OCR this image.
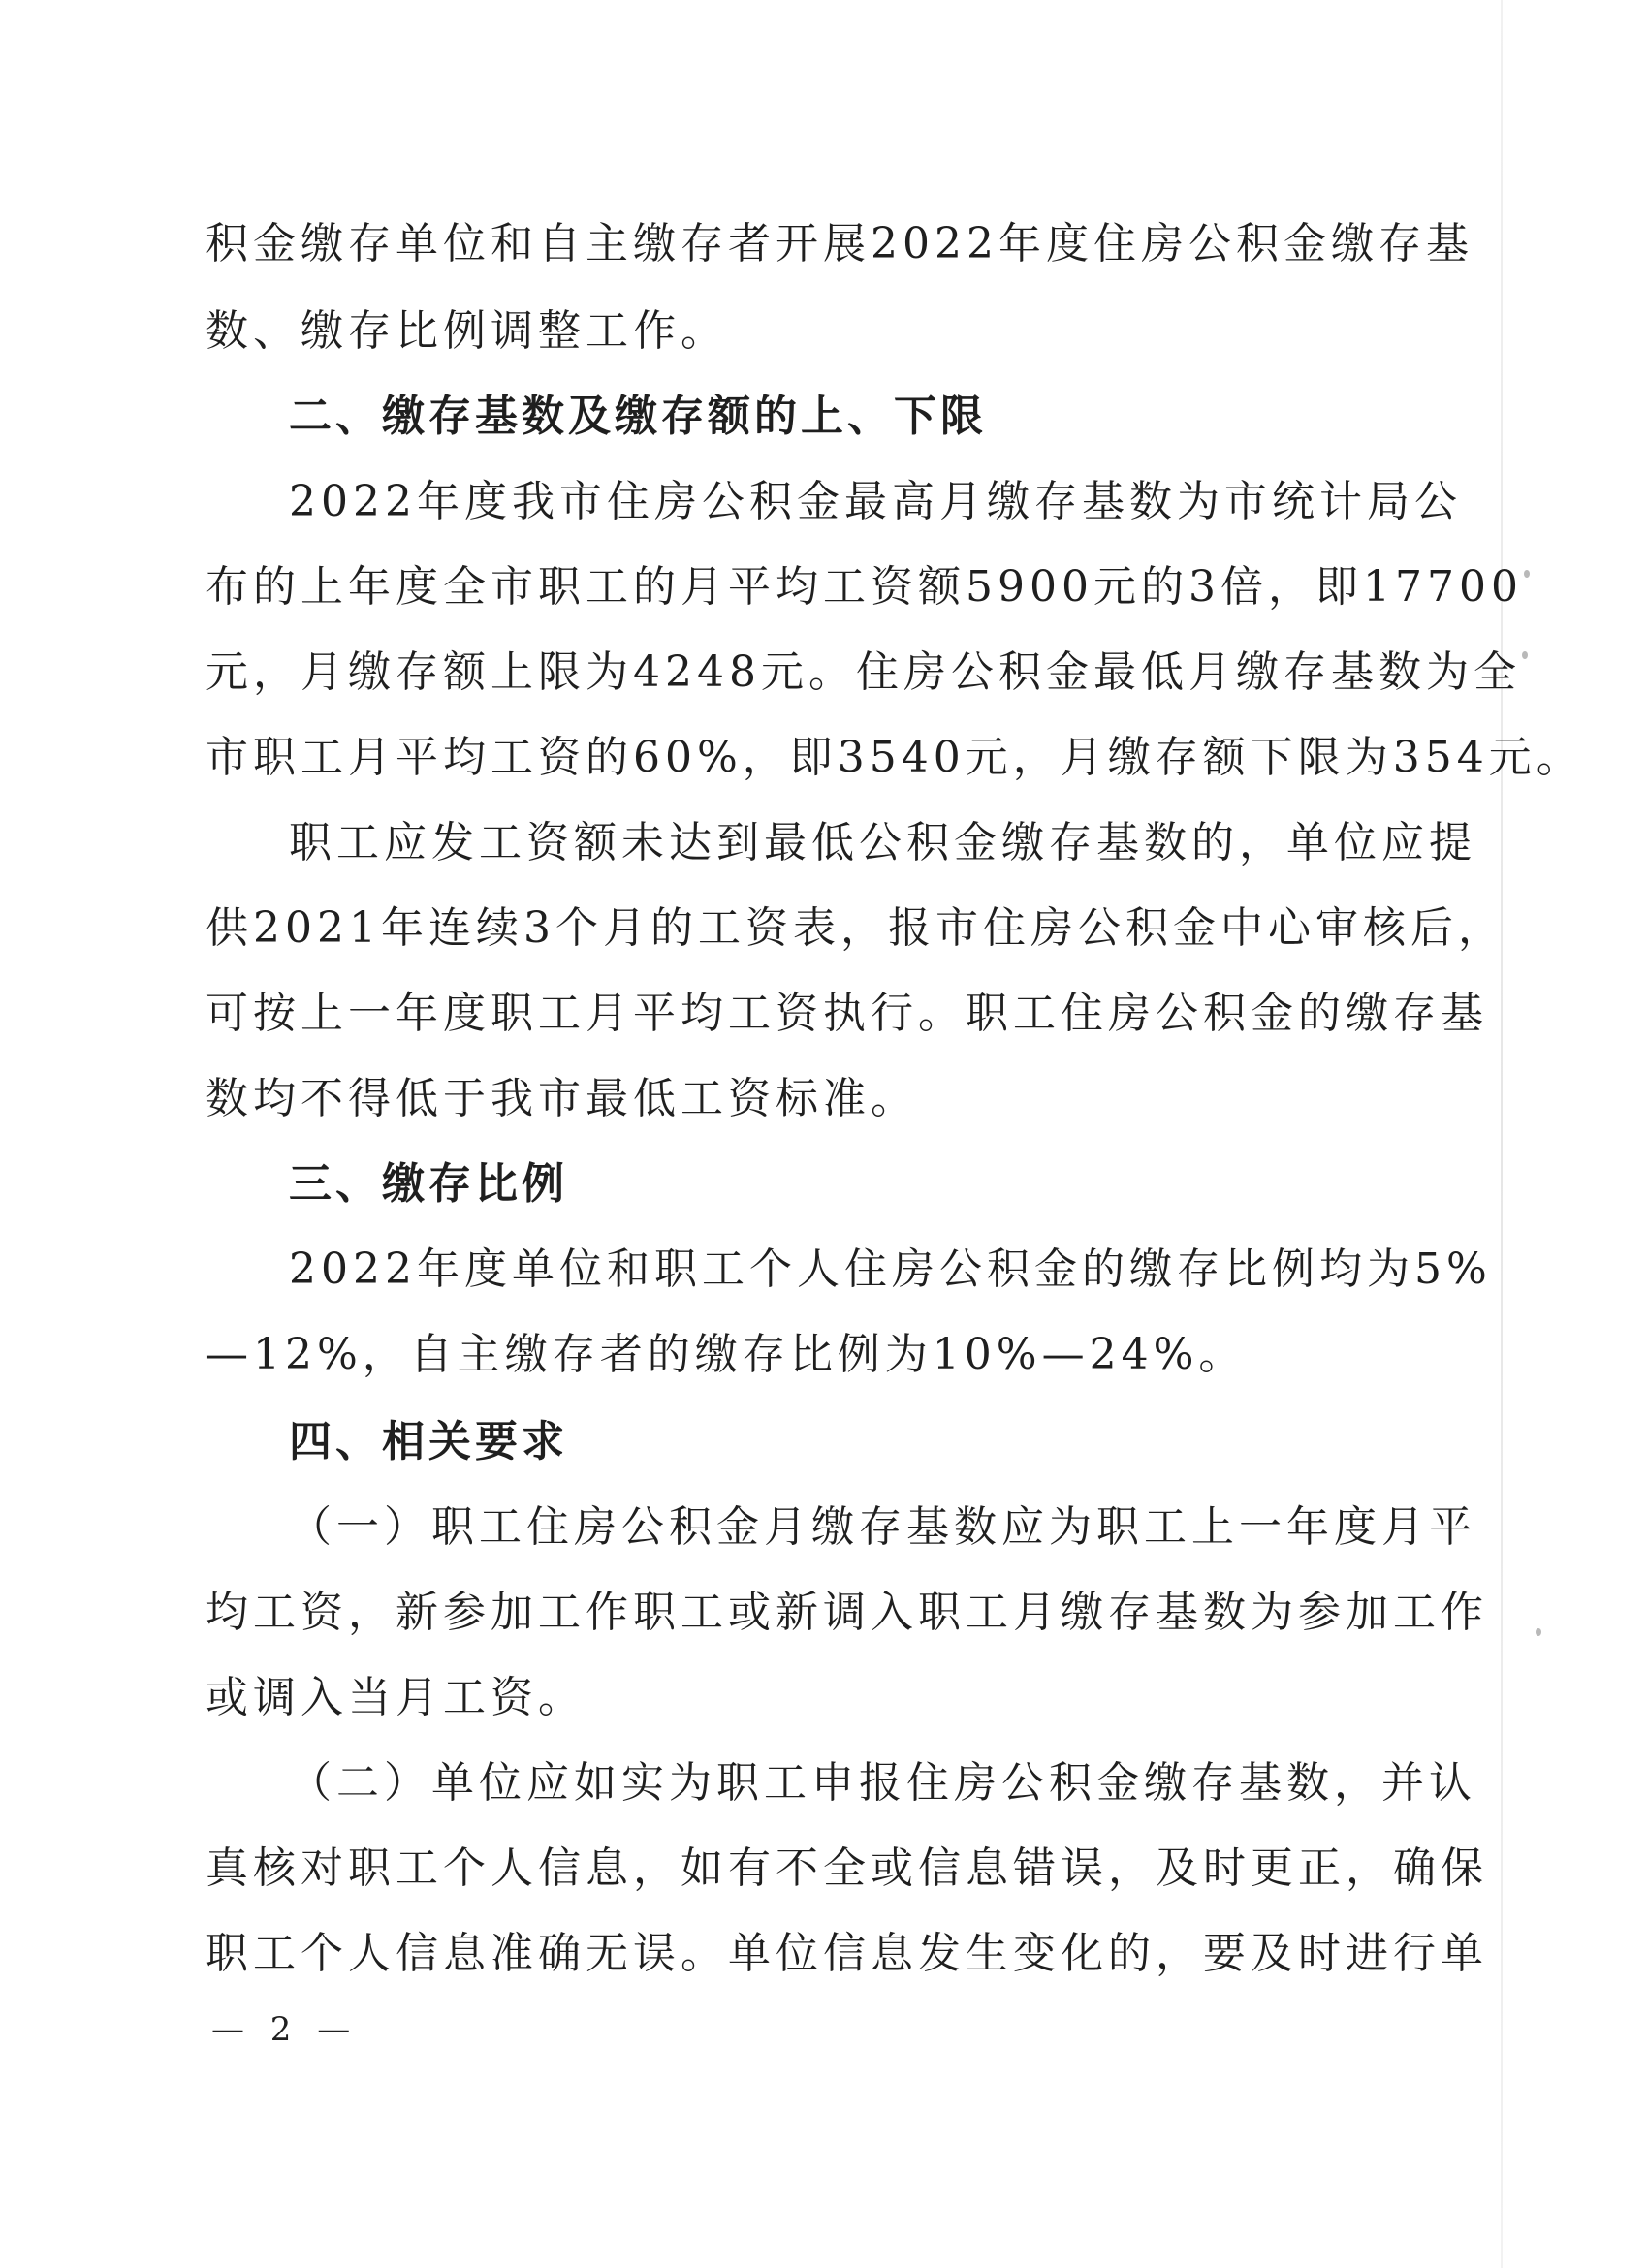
积金缴存单位和自主缴存者开展2022年度住房公积金缴存基
数、缴存比例调整工作。
二、缴存基数及缴存额的上、下限
2022年度我市住房公积金最高月缴存基数为市统计局公
布的上年度全市职工的月平均工资额5900元的3倍，即17700
元，月缴存额上限为4248元。住房公积金最低月缴存基数为全
市职工月平均工资的60%，即3540元，月缴存额下限为354元。
职工应发工资额未达到最低公积金缴存基数的，单位应提
供2021年连续3个月的工资表，报市住房公积金中心审核后，
可按上一年度职工月平均工资执行。职工住房公积金的缴存基
数均不得低于我市最低工资标准。
三、缴存比例
2022年度单位和职工个人住房公积金的缴存比例均为5%
—12%，自主缴存者的缴存比例为10%—24%。
四、相关要求
（一）职工住房公积金月缴存基数应为职工上一年度月平
均工资，新参加工作职工或新调入职工月缴存基数为参加工作
或调入当月工资。
（二）单位应如实为职工申报住房公积金缴存基数，并认
真核对职工个人信息，如有不全或信息错误，及时更正，确保
职工个人信息准确无误。单位信息发生变化的，要及时进行单
— 2 —
